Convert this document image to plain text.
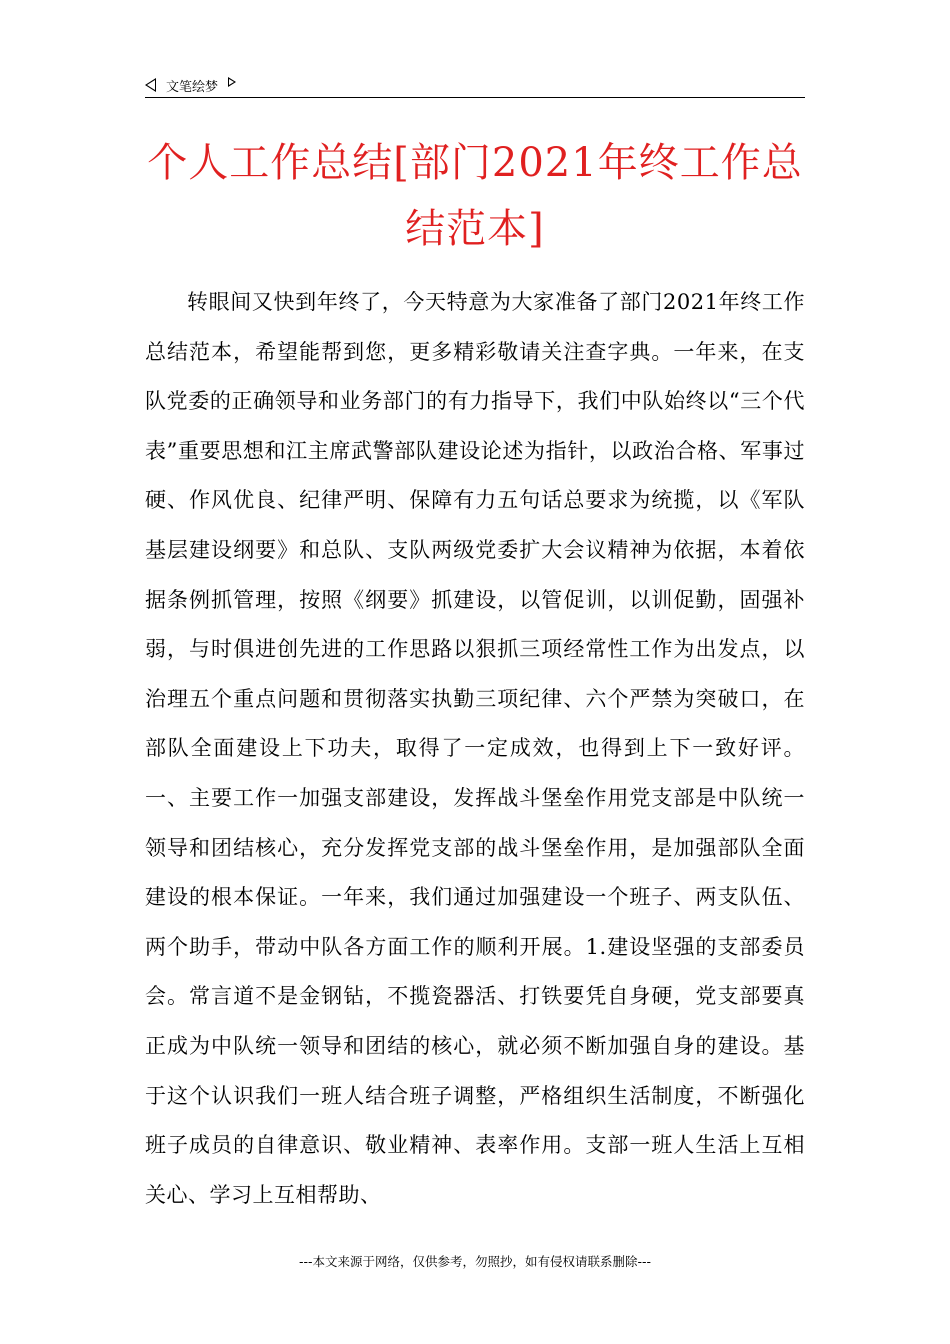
文笔绘梦
个人工作总结[部门2021年终工作总结范本]
转眼间又快到年终了，今天特意为大家准备了部门2021年终工作总结范本，希望能帮到您，更多精彩敬请关注查字典。一年来，在支队党委的正确领导和业务部门的有力指导下，我们中队始终以“三个代表”重要思想和江主席武警部队建设论述为指针，以政治合格、军事过硬、作风优良、纪律严明、保障有力五句话总要求为统揽，以《军队基层建设纲要》和总队、支队两级党委扩大会议精神为依据，本着依据条例抓管理，按照《纲要》抓建设，以管促训，以训促勤，固强补弱，与时俱进创先进的工作思路以狠抓三项经常性工作为出发点，以治理五个重点问题和贯彻落实执勤三项纪律、六个严禁为突破口，在部队全面建设上下功夫，取得了一定成效，也得到上下一致好评。一、主要工作一加强支部建设，发挥战斗堡垒作用党支部是中队统一领导和团结核心，充分发挥党支部的战斗堡垒作用，是加强部队全面建设的根本保证。一年来，我们通过加强建设一个班子、两支队伍、两个助手，带动中队各方面工作的顺利开展。1.建设坚强的支部委员会。常言道不是金钢钻，不揽瓷器活、打铁要凭自身硬，党支部要真正成为中队统一领导和团结的核心，就必须不断加强自身的建设。基于这个认识我们一班人结合班子调整，严格组织生活制度，不断强化班子成员的自律意识、敬业精神、表率作用。支部一班人生活上互相关心、学习上互相帮助、
---本文来源于网络，仅供参考，勿照抄，如有侵权请联系删除---
